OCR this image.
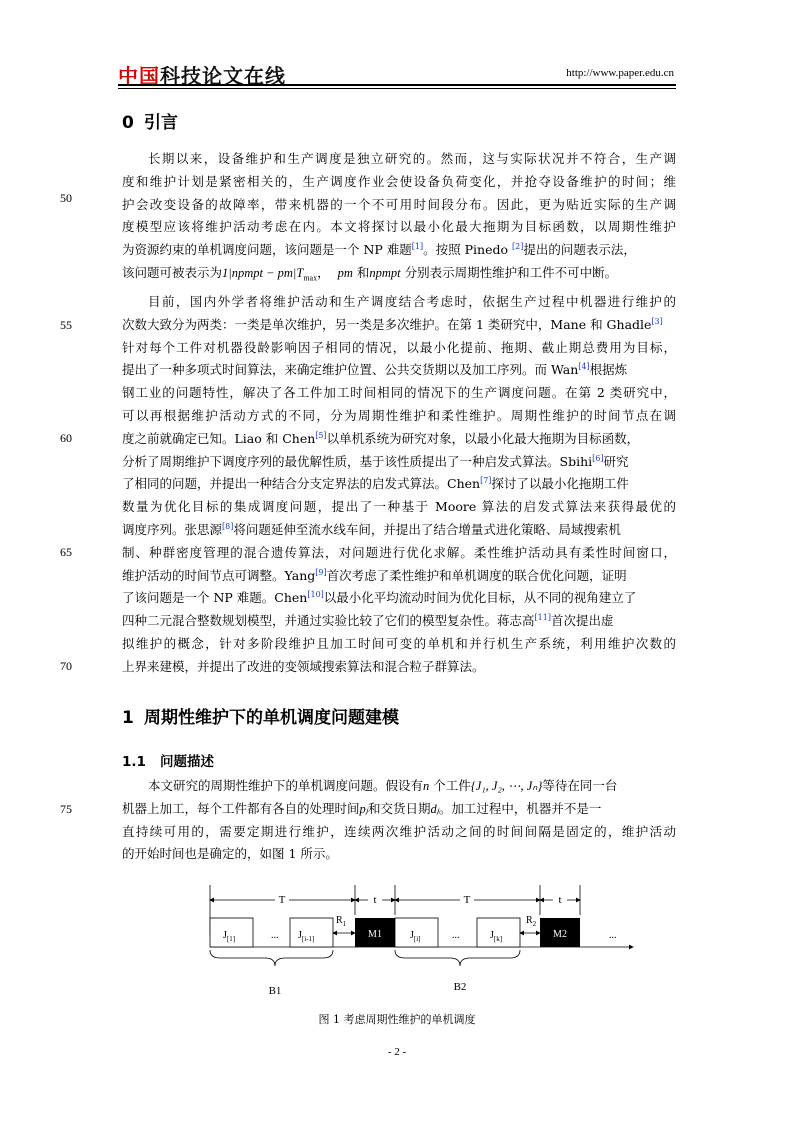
中国科技论文在线	http://www.paper.edu.cn
0 引言
50
55
60
65
70
75
长期以来，设备维护和生产调度是独立研究的。然而，这与实际状况并不符合，生产调
度和维护计划是紧密相关的，生产调度作业会使设备负荷变化，并抢夺设备维护的时间；维
护会改变设备的故障率，带来机器的一个不可用时间段分布。因此，更为贴近实际的生产调
度模型应该将维护活动考虑在内。本文将探讨以最小化最大拖期为目标函数，以周期性维护
为资源约束的单机调度问题，该问题是一个 NP 难题[1]。按照 Pinedo [2]提出的问题表示法，
该问题可被表示为1|npmpt − $pm|T_{max}$， pm 和npmpt 分别表示周期性维护和工件不可中断。
目前，国内外学者将维护活动和生产调度结合考虑时，依据生产过程中机器进行维护的
次数大致分为两类：一类是单次维护，另一类是多次维护。在第 1 类研究中，Mane 和 Ghadle[3]
针对每个工件对机器役龄影响因子相同的情况，以最小化提前、拖期、截止期总费用为目标，
提出了一种多项式时间算法，来确定维护位置、公共交货期以及加工序列。而 Wan[4]根据炼
钢工业的问题特性，解决了各工件加工时间相同的情况下的生产调度问题。在第 2 类研究中，
可以再根据维护活动方式的不同，分为周期性维护和柔性维护。周期性维护的时间节点在调
度之前就确定已知。Liao 和 Chen[5]以单机系统为研究对象，以最小化最大拖期为目标函数，
分析了周期维护下调度序列的最优解性质，基于该性质提出了一种启发式算法。Sbihi[6]研究
了相同的问题，并提出一种结合分支定界法的启发式算法。Chen[7]探讨了以最小化拖期工件
数量为优化目标的集成调度问题，提出了一种基于 Moore 算法的启发式算法来获得最优的
调度序列。张思源[8]将问题延伸至流水线车间，并提出了结合增量式进化策略、局域搜索机
制、种群密度管理的混合遗传算法，对问题进行优化求解。柔性维护活动具有柔性时间窗口，
维护活动的时间节点可调整。Yang[9]首次考虑了柔性维护和单机调度的联合优化问题，证明
了该问题是一个 NP 难题。Chen[10]以最小化平均流动时间为优化目标，从不同的视角建立了
四种二元混合整数规划模型，并通过实验比较了它们的模型复杂性。蒋志高[11]首次提出虚
拟维护的概念，针对多阶段维护且加工时间可变的单机和并行机生产系统，利用维护次数的
上界来建模，并提出了改进的变领域搜索算法和混合粒子群算法。
1 周期性维护下的单机调度问题建模
1.1 问题描述
本文研究的周期性维护下的单机调度问题。假设有n 个工件{J₁, J₂, ⋯, Jₙ}等待在同一台
机器上加工，每个工件都有各自的处理时间pⱼ和交货日期dⱼ。加工过程中，机器并不是一
直持续可用的，需要定期进行维护，连续两次维护活动之间的时间间隔是固定的，维护活动
的开始时间也是确定的，如图 1 所示。
T	t	T	t
$J_{[1]}$	... $J_{[i-1]}$
$R_1$
M1	$J_{[i]}$	...	$J_{[k]}$
$R_2$
M2	...
B1	B2
图 1 考虑周期性维护的单机调度
- 2 -
